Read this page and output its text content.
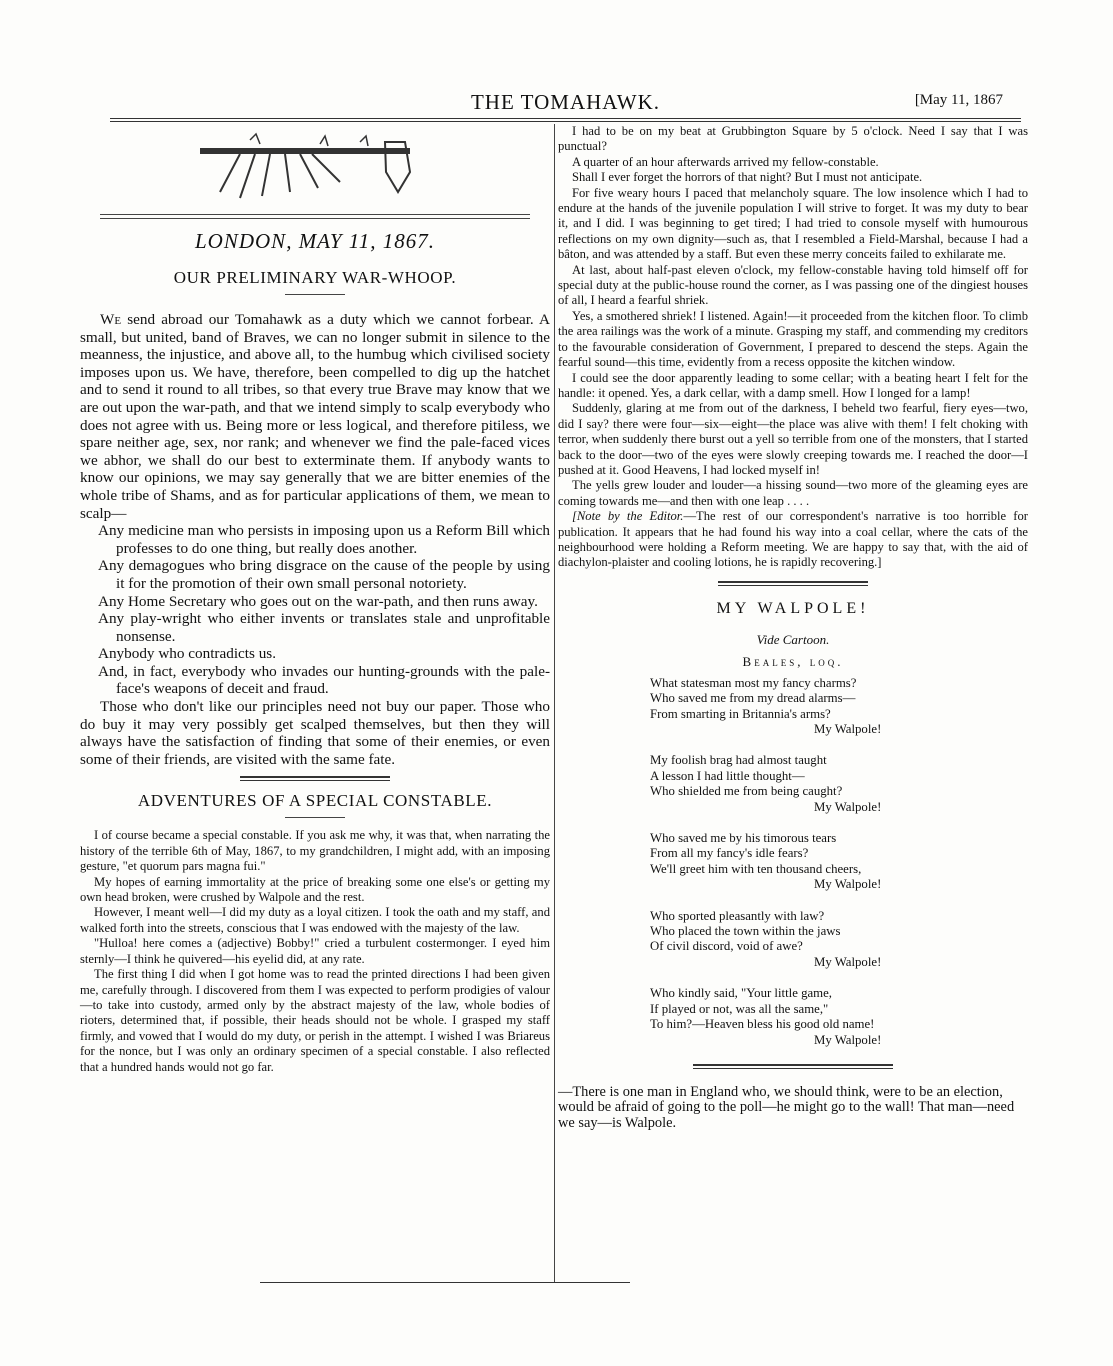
THE TOMAHAWK.	[May 11, 1867
LONDON, MAY 11, 1867.
OUR PRELIMINARY WAR-WHOOP.

We send abroad our Tomahawk as a duty which we cannot forbear. A small, but united, band of Braves, we can no longer submit in silence to the meanness, the injustice, and above all, to the humbug which civilised society imposes upon us. We have, therefore, been compelled to dig up the hatchet and to send it round to all tribes, so that every true Brave may know that we are out upon the war-path, and that we intend simply to scalp everybody who does not agree with us. Being more or less logical, and therefore pitiless, we spare neither age, sex, nor rank; and whenever we find the pale-faced vices we abhor, we shall do our best to exterminate them. If anybody wants to know our opinions, we may say generally that we are bitter enemies of the whole tribe of Shams, and as for particular applications of them, we mean to scalp—

Any medicine man who persists in imposing upon us a Reform Bill which professes to do one thing, but really does another.

Any demagogues who bring disgrace on the cause of the people by using it for the promotion of their own small personal notoriety.

Any Home Secretary who goes out on the war-path, and then runs away.

Any play-wright who either invents or translates stale and unprofitable nonsense.

Anybody who contradicts us.

And, in fact, everybody who invades our hunting-grounds with the pale-face's weapons of deceit and fraud.

Those who don't like our principles need not buy our paper. Those who do buy it may very possibly get scalped themselves, but then they will always have the satisfaction of finding that some of their enemies, or even some of their friends, are visited with the same fate.

ADVENTURES OF A SPECIAL CONSTABLE.

I of course became a special constable. If you ask me why, it was that, when narrating the history of the terrible 6th of May, 1867, to my grandchildren, I might add, with an imposing gesture, "et quorum pars magna fui."

My hopes of earning immortality at the price of breaking some one else's or getting my own head broken, were crushed by Walpole and the rest.

However, I meant well—I did my duty as a loyal citizen. I took the oath and my staff, and walked forth into the streets, conscious that I was endowed with the majesty of the law.

"Hulloa! here comes a (adjective) Bobby!" cried a turbulent costermonger. I eyed him sternly—I think he quivered—his eyelid did, at any rate.

The first thing I did when I got home was to read the printed directions I had been given me, carefully through. I discovered from them I was expected to perform prodigies of valour—to take into custody, armed only by the abstract majesty of the law, whole bodies of rioters, determined that, if possible, their heads should not be whole. I grasped my staff firmly, and vowed that I would do my duty, or perish in the attempt. I wished I was Briareus for the nonce, but I was only an ordinary specimen of a special constable. I also reflected that a hundred hands would not go far.

I had to be on my beat at Grubbington Square by 5 o'clock. Need I say that I was punctual?

A quarter of an hour afterwards arrived my fellow-constable.

Shall I ever forget the horrors of that night? But I must not anticipate.

For five weary hours I paced that melancholy square. The low insolence which I had to endure at the hands of the juvenile population I will strive to forget. It was my duty to bear it, and I did. I was beginning to get tired; I had tried to console myself with humourous reflections on my own dignity—such as, that I resembled a Field-Marshal, because I had a bâton, and was attended by a staff. But even these merry conceits failed to exhilarate me.

At last, about half-past eleven o'clock, my fellow-constable having told himself off for special duty at the public-house round the corner, as I was passing one of the dingiest houses of all, I heard a fearful shriek.

Yes, a smothered shriek! I listened. Again!—it proceeded from the kitchen floor. To climb the area railings was the work of a minute. Grasping my staff, and commending my creditors to the favourable consideration of Government, I prepared to descend the steps. Again the fearful sound—this time, evidently from a recess opposite the kitchen window.

I could see the door apparently leading to some cellar; with a beating heart I felt for the handle: it opened. Yes, a dark cellar, with a damp smell. How I longed for a lamp!

Suddenly, glaring at me from out of the darkness, I beheld two fearful, fiery eyes—two, did I say? there were four—six—eight—the place was alive with them! I felt choking with terror, when suddenly there burst out a yell so terrible from one of the monsters, that I started back to the door—two of the eyes were slowly creeping towards me. I reached the door—I pushed at it. Good Heavens, I had locked myself in!

The yells grew louder and louder—a hissing sound—two more of the gleaming eyes are coming towards me—and then with one leap . . . .

[Note by the Editor.—The rest of our correspondent's narrative is too horrible for publication. It appears that he had found his way into a coal cellar, where the cats of the neighbourhood were holding a Reform meeting. We are happy to say that, with the aid of diachylon-plaister and cooling lotions, he is rapidly recovering.]

MY WALPOLE!
Vide Cartoon.
Beales, loq.
What statesman most my fancy charms?
Who saved me from my dread alarms—
From smarting in Britannia's arms?
My Walpole!
My foolish brag had almost taught
A lesson I had little thought—
Who shielded me from being caught?
My Walpole!
Who saved me by his timorous tears
From all my fancy's idle fears?
We'll greet him with ten thousand cheers,
My Walpole!
Who sported pleasantly with law?
Who placed the town within the jaws
Of civil discord, void of awe?
My Walpole!
Who kindly said, "Your little game,
If played or not, was all the same,"
To him?—Heaven bless his good old name!
My Walpole!

—There is one man in England who, we should think, were to be an election, would be afraid of going to the poll—he might go to the wall! That man—need we say—is Walpole.
